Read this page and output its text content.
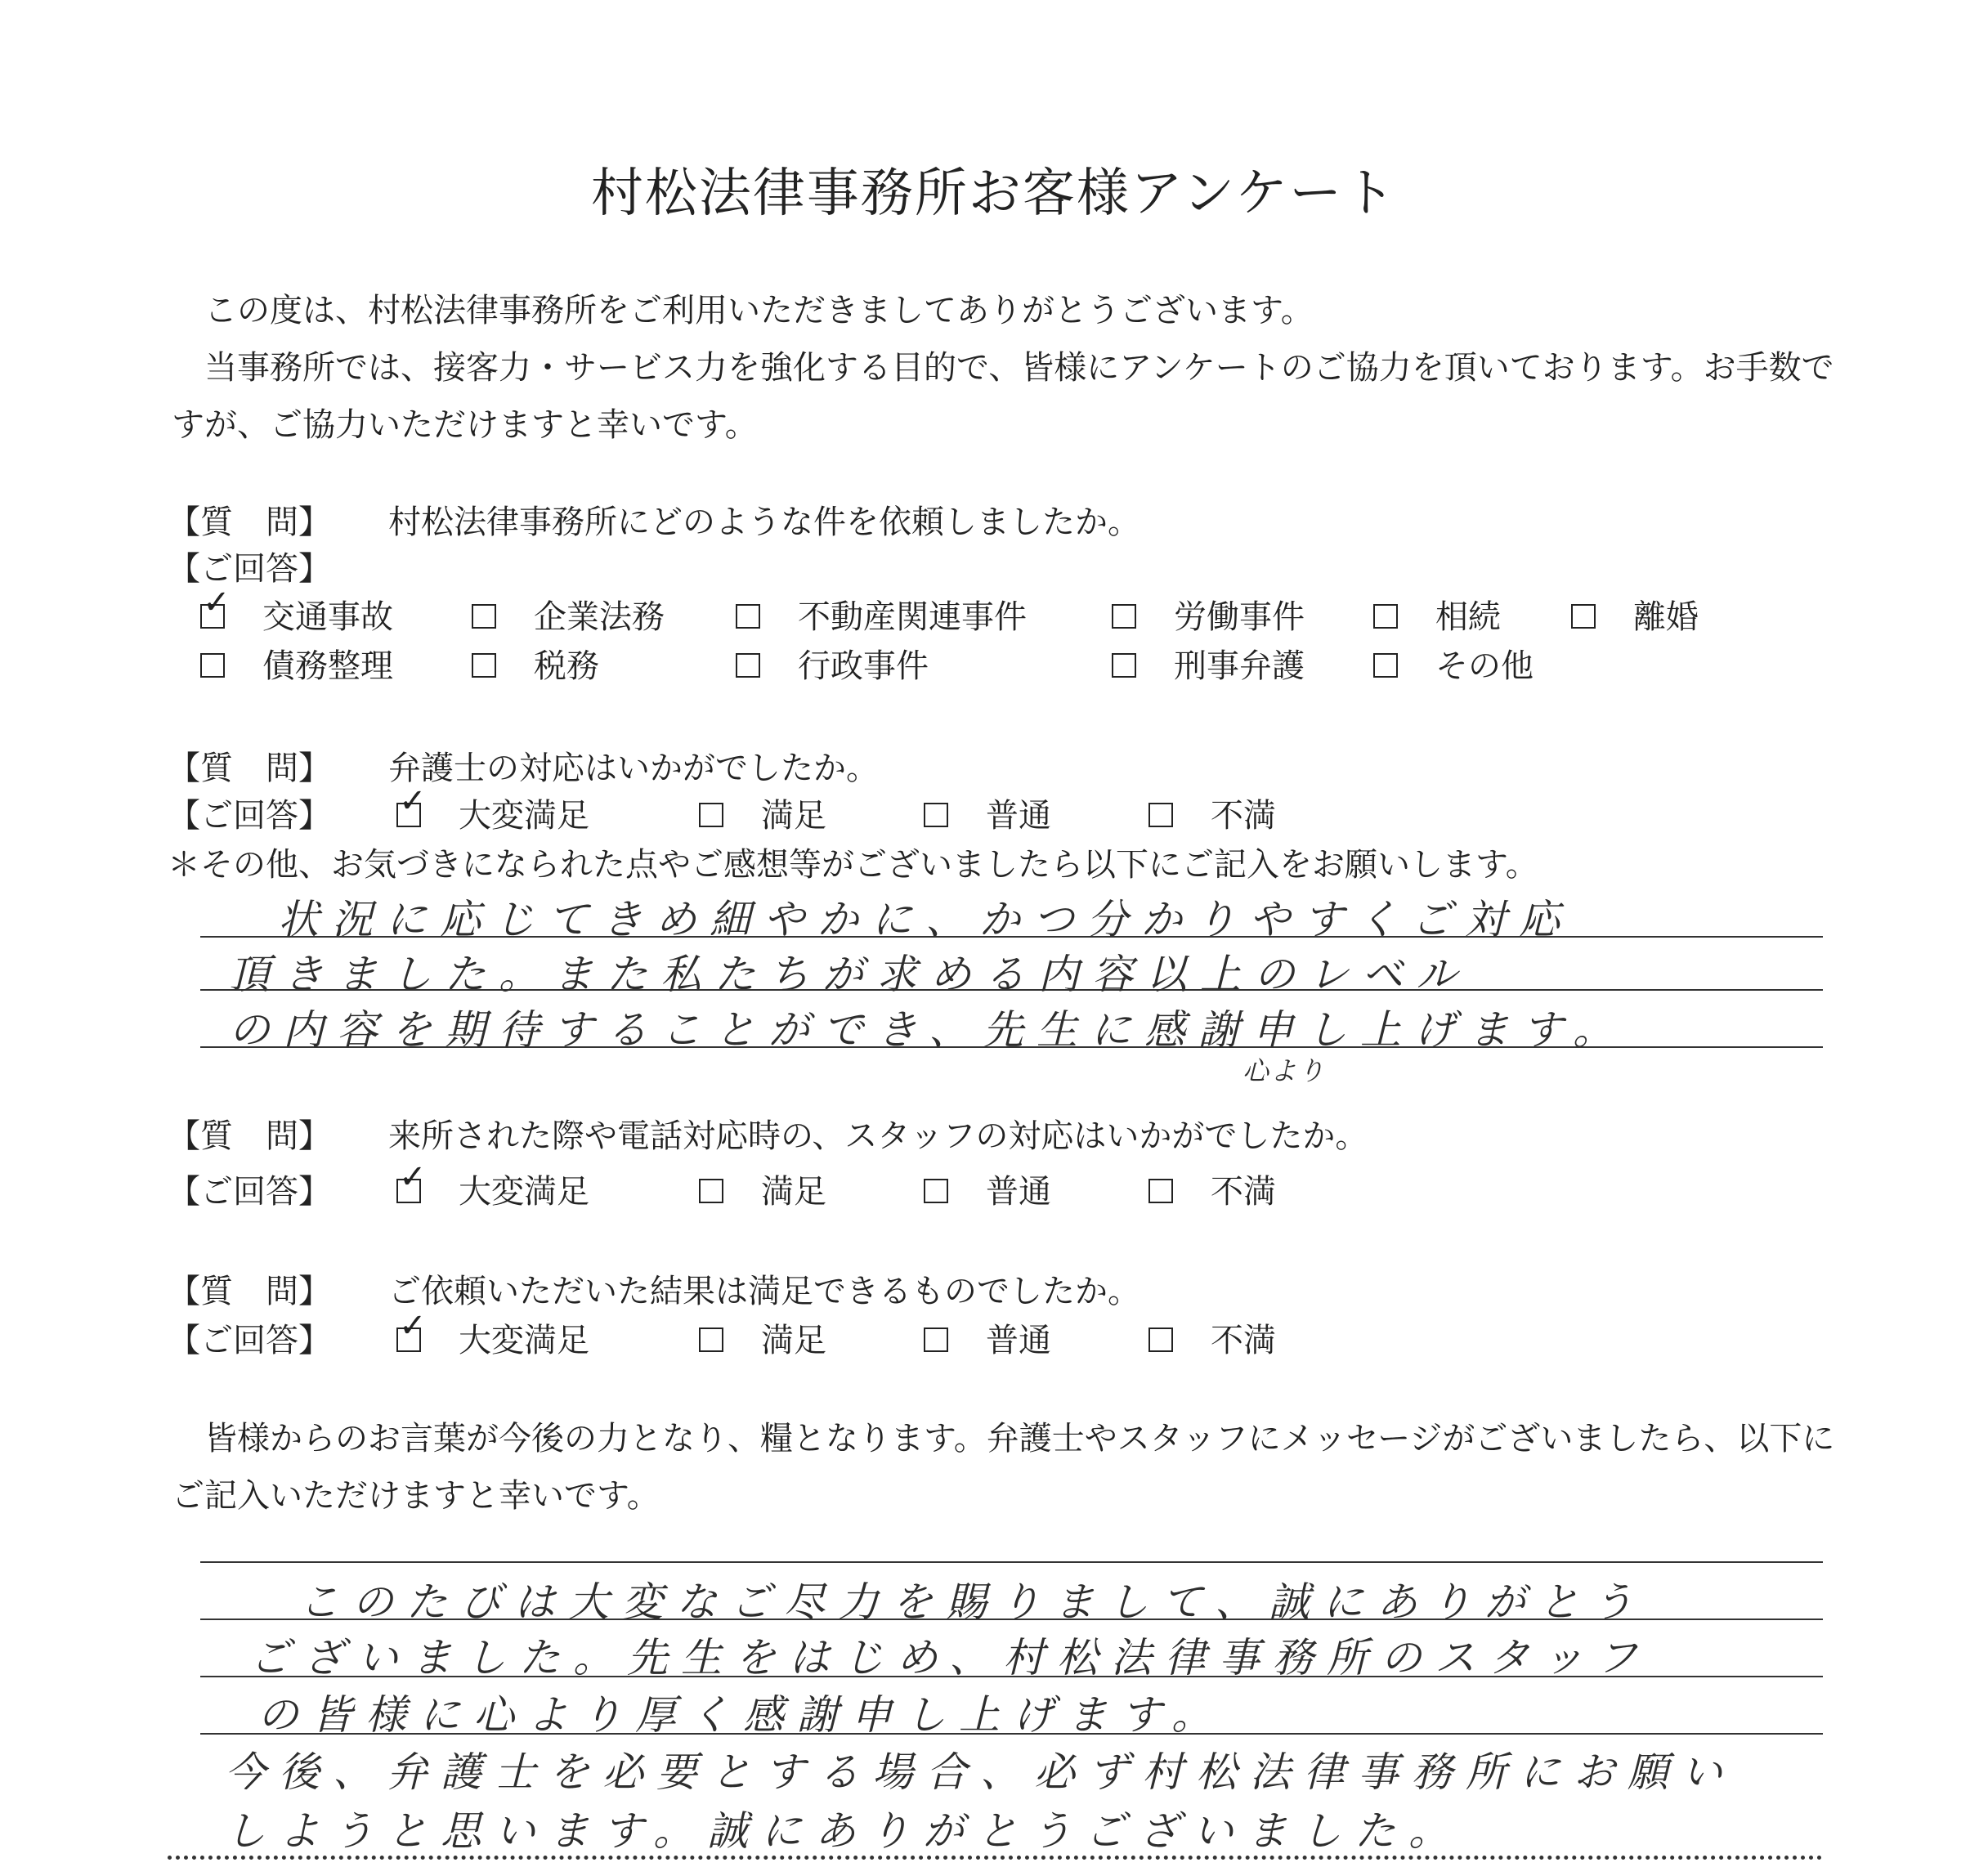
村松法律事務所お客様アンケート

この度は、村松法律事務所をご利用いただきましてありがとうございます。

当事務所では、接客力・サービス力を強化する目的で、皆様にアンケートのご協力を頂いております。お手数ですが、ご協力いただけますと幸いです。

【質　問】 村松法律事務所にどのような件を依頼しましたか。
【ご回答】
✓ 交通事故	企業法務	不動産関連事件	労働事件	相続	離婚
債務整理	税務	行政事件	刑事弁護	その他
【質　問】 弁護士の対応はいかがでしたか。
【ご回答】	✓ 大変満足	満足	普通	不満
＊その他、お気づきになられた点やご感想等がございましたら以下にご記入をお願いします。
状況に応じてきめ細やかに、かつ分かりやすくご対応
頂きました。また私たちが求める内容以上のレベル
の内容を期待することができ、先生に感謝申し上げます。
心より
【質　問】 来所された際や電話対応時の、スタッフの対応はいかがでしたか。
【ご回答】	✓ 大変満足	満足	普通	不満
【質　問】 ご依頼いただいた結果は満足できるものでしたか。
【ご回答】	✓ 大変満足	満足	普通	不満

皆様からのお言葉が今後の力となり、糧となります。弁護士やスタッフにメッセージがございましたら、以下にご記入いただけますと幸いです。

このたびは大変なご尽力を賜りまして、誠にありがとう
ございました。先生をはじめ、村松法律事務所のスタッフ
の皆様に心より厚く感謝申し上げます。
今後、弁護士を必要とする場合、必ず村松法律事務所にお願い
しようと思います。誠にありがとうございました。
